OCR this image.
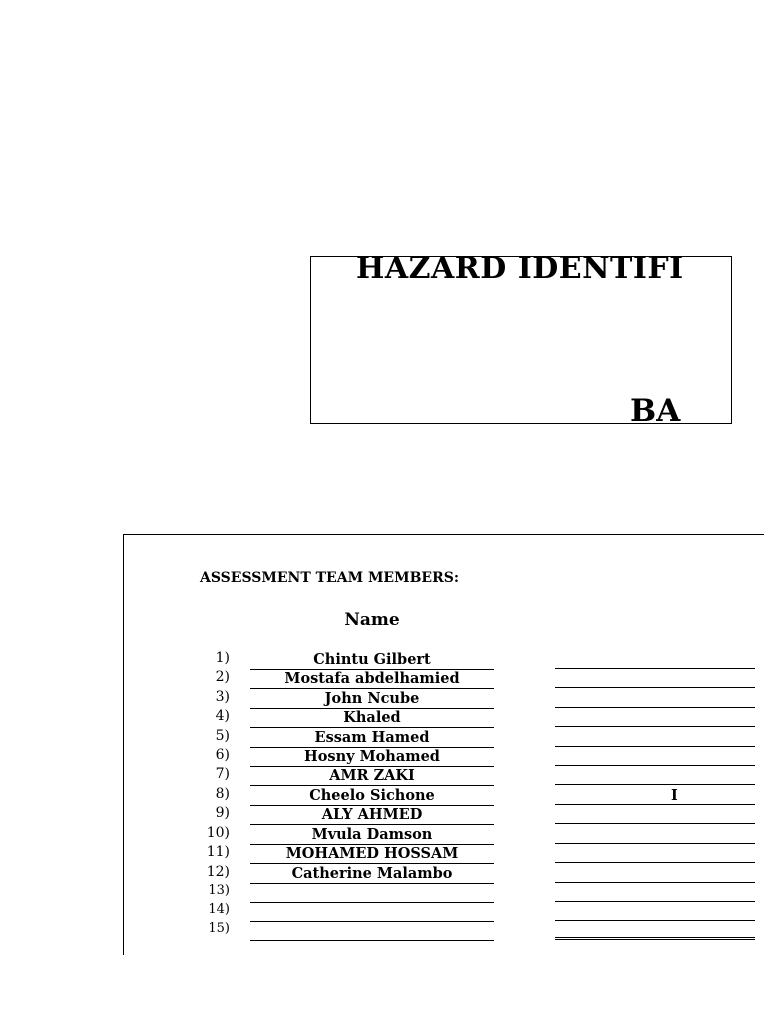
HAZARD IDENTIFI
BA
ASSESSMENT TEAM MEMBERS:
Name
1)	Chintu Gilbert
2)	Mostafa abdelhamied
3)	John Ncube
4)	Khaled
5)	Essam Hamed
6)	Hosny Mohamed
7)	AMR ZAKI
8)	Cheelo Sichone	I
9)	ALY AHMED
10)	Mvula Damson
11)	MOHAMED HOSSAM
12)	Catherine Malambo
13)
14)
15)
